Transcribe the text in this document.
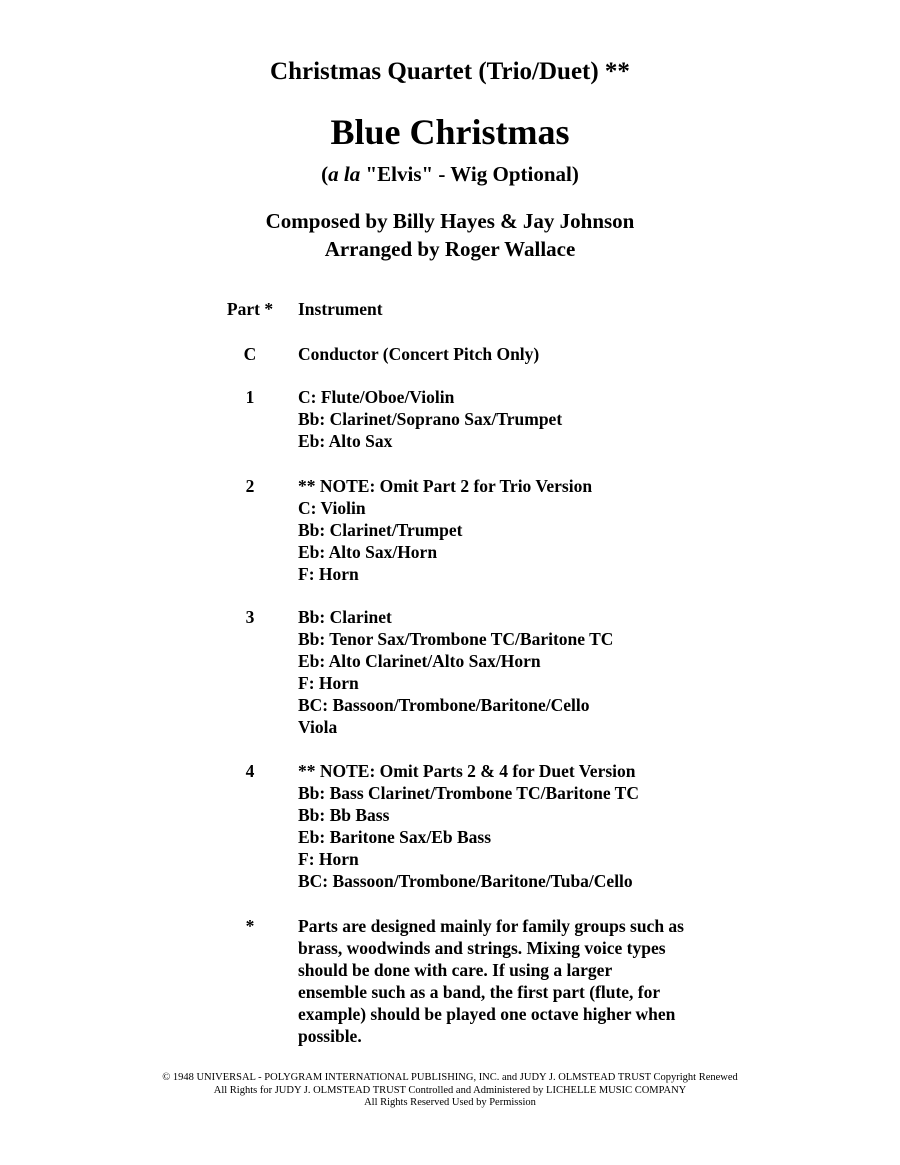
Christmas Quartet (Trio/Duet) **
Blue Christmas
(a la "Elvis" - Wig Optional)
Composed by Billy Hayes & Jay Johnson
Arranged by Roger Wallace
Part *	Instrument
C	Conductor (Concert Pitch Only)
1	C: Flute/Oboe/Violin
Bb: Clarinet/Soprano Sax/Trumpet
Eb: Alto Sax
2	** NOTE: Omit Part 2 for Trio Version
C: Violin
Bb: Clarinet/Trumpet
Eb: Alto Sax/Horn
F: Horn
3	Bb: Clarinet
Bb: Tenor Sax/Trombone TC/Baritone TC
Eb: Alto Clarinet/Alto Sax/Horn
F: Horn
BC: Bassoon/Trombone/Baritone/Cello
Viola
4	** NOTE: Omit Parts 2 & 4 for Duet Version
Bb: Bass Clarinet/Trombone TC/Baritone TC
Bb: Bb Bass
Eb: Baritone Sax/Eb Bass
F: Horn
BC: Bassoon/Trombone/Baritone/Tuba/Cello
*	Parts are designed mainly for family groups such as
brass, woodwinds and strings. Mixing voice types
should be done with care. If using a larger
ensemble such as a band, the first part (flute, for
example) should be played one octave higher when
possible.
© 1948 UNIVERSAL - POLYGRAM INTERNATIONAL PUBLISHING, INC. and JUDY J. OLMSTEAD TRUST Copyright Renewed
All Rights for JUDY J. OLMSTEAD TRUST Controlled and Administered by LICHELLE MUSIC COMPANY
All Rights Reserved Used by Permission
